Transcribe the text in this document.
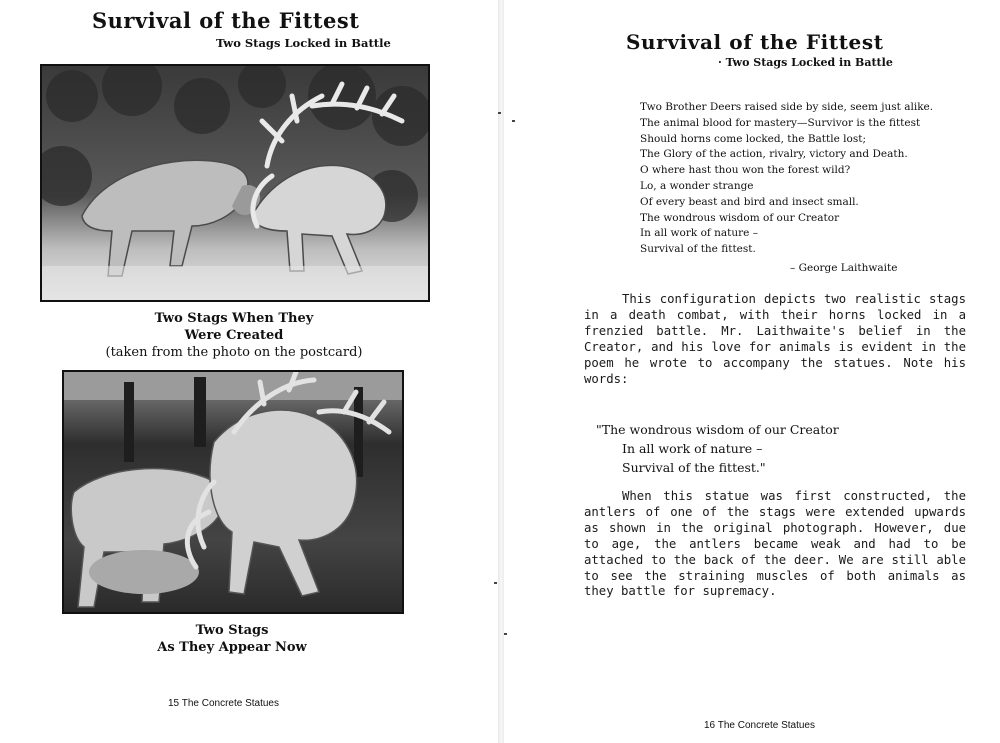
Survival of the Fittest
Two Stags Locked in Battle
Two Stags When They
Were Created
(taken from the photo on the postcard)
Two Stags
As They Appear Now
15 The Concrete Statues
Survival of the Fittest
· Two Stags Locked in Battle
Two Brother Deers raised side by side, seem just alike.
The animal blood for mastery—Survivor is the fittest
Should horns come locked, the Battle lost;
The Glory of the action, rivalry, victory and Death.
O where hast thou won the forest wild?
Lo, a wonder strange
Of every beast and bird and insect small.
The wondrous wisdom of our Creator
In all work of nature –
Survival of the fittest.
– George Laithwaite

This configuration depicts two realistic stags in a death combat, with their horns locked in a frenzied battle. Mr. Laithwaite's belief in the Creator, and his love for animals is evident in the poem he wrote to accompany the statues. Note his words:

"The wondrous wisdom of our Creator
In all work of nature –
Survival of the fittest."

When this statue was first constructed, the antlers of one of the stags were extended upwards as shown in the original photograph. However, due to age, the antlers became weak and had to be attached to the back of the deer. We are still able to see the straining muscles of both animals as they battle for supremacy.

16 The Concrete Statues
